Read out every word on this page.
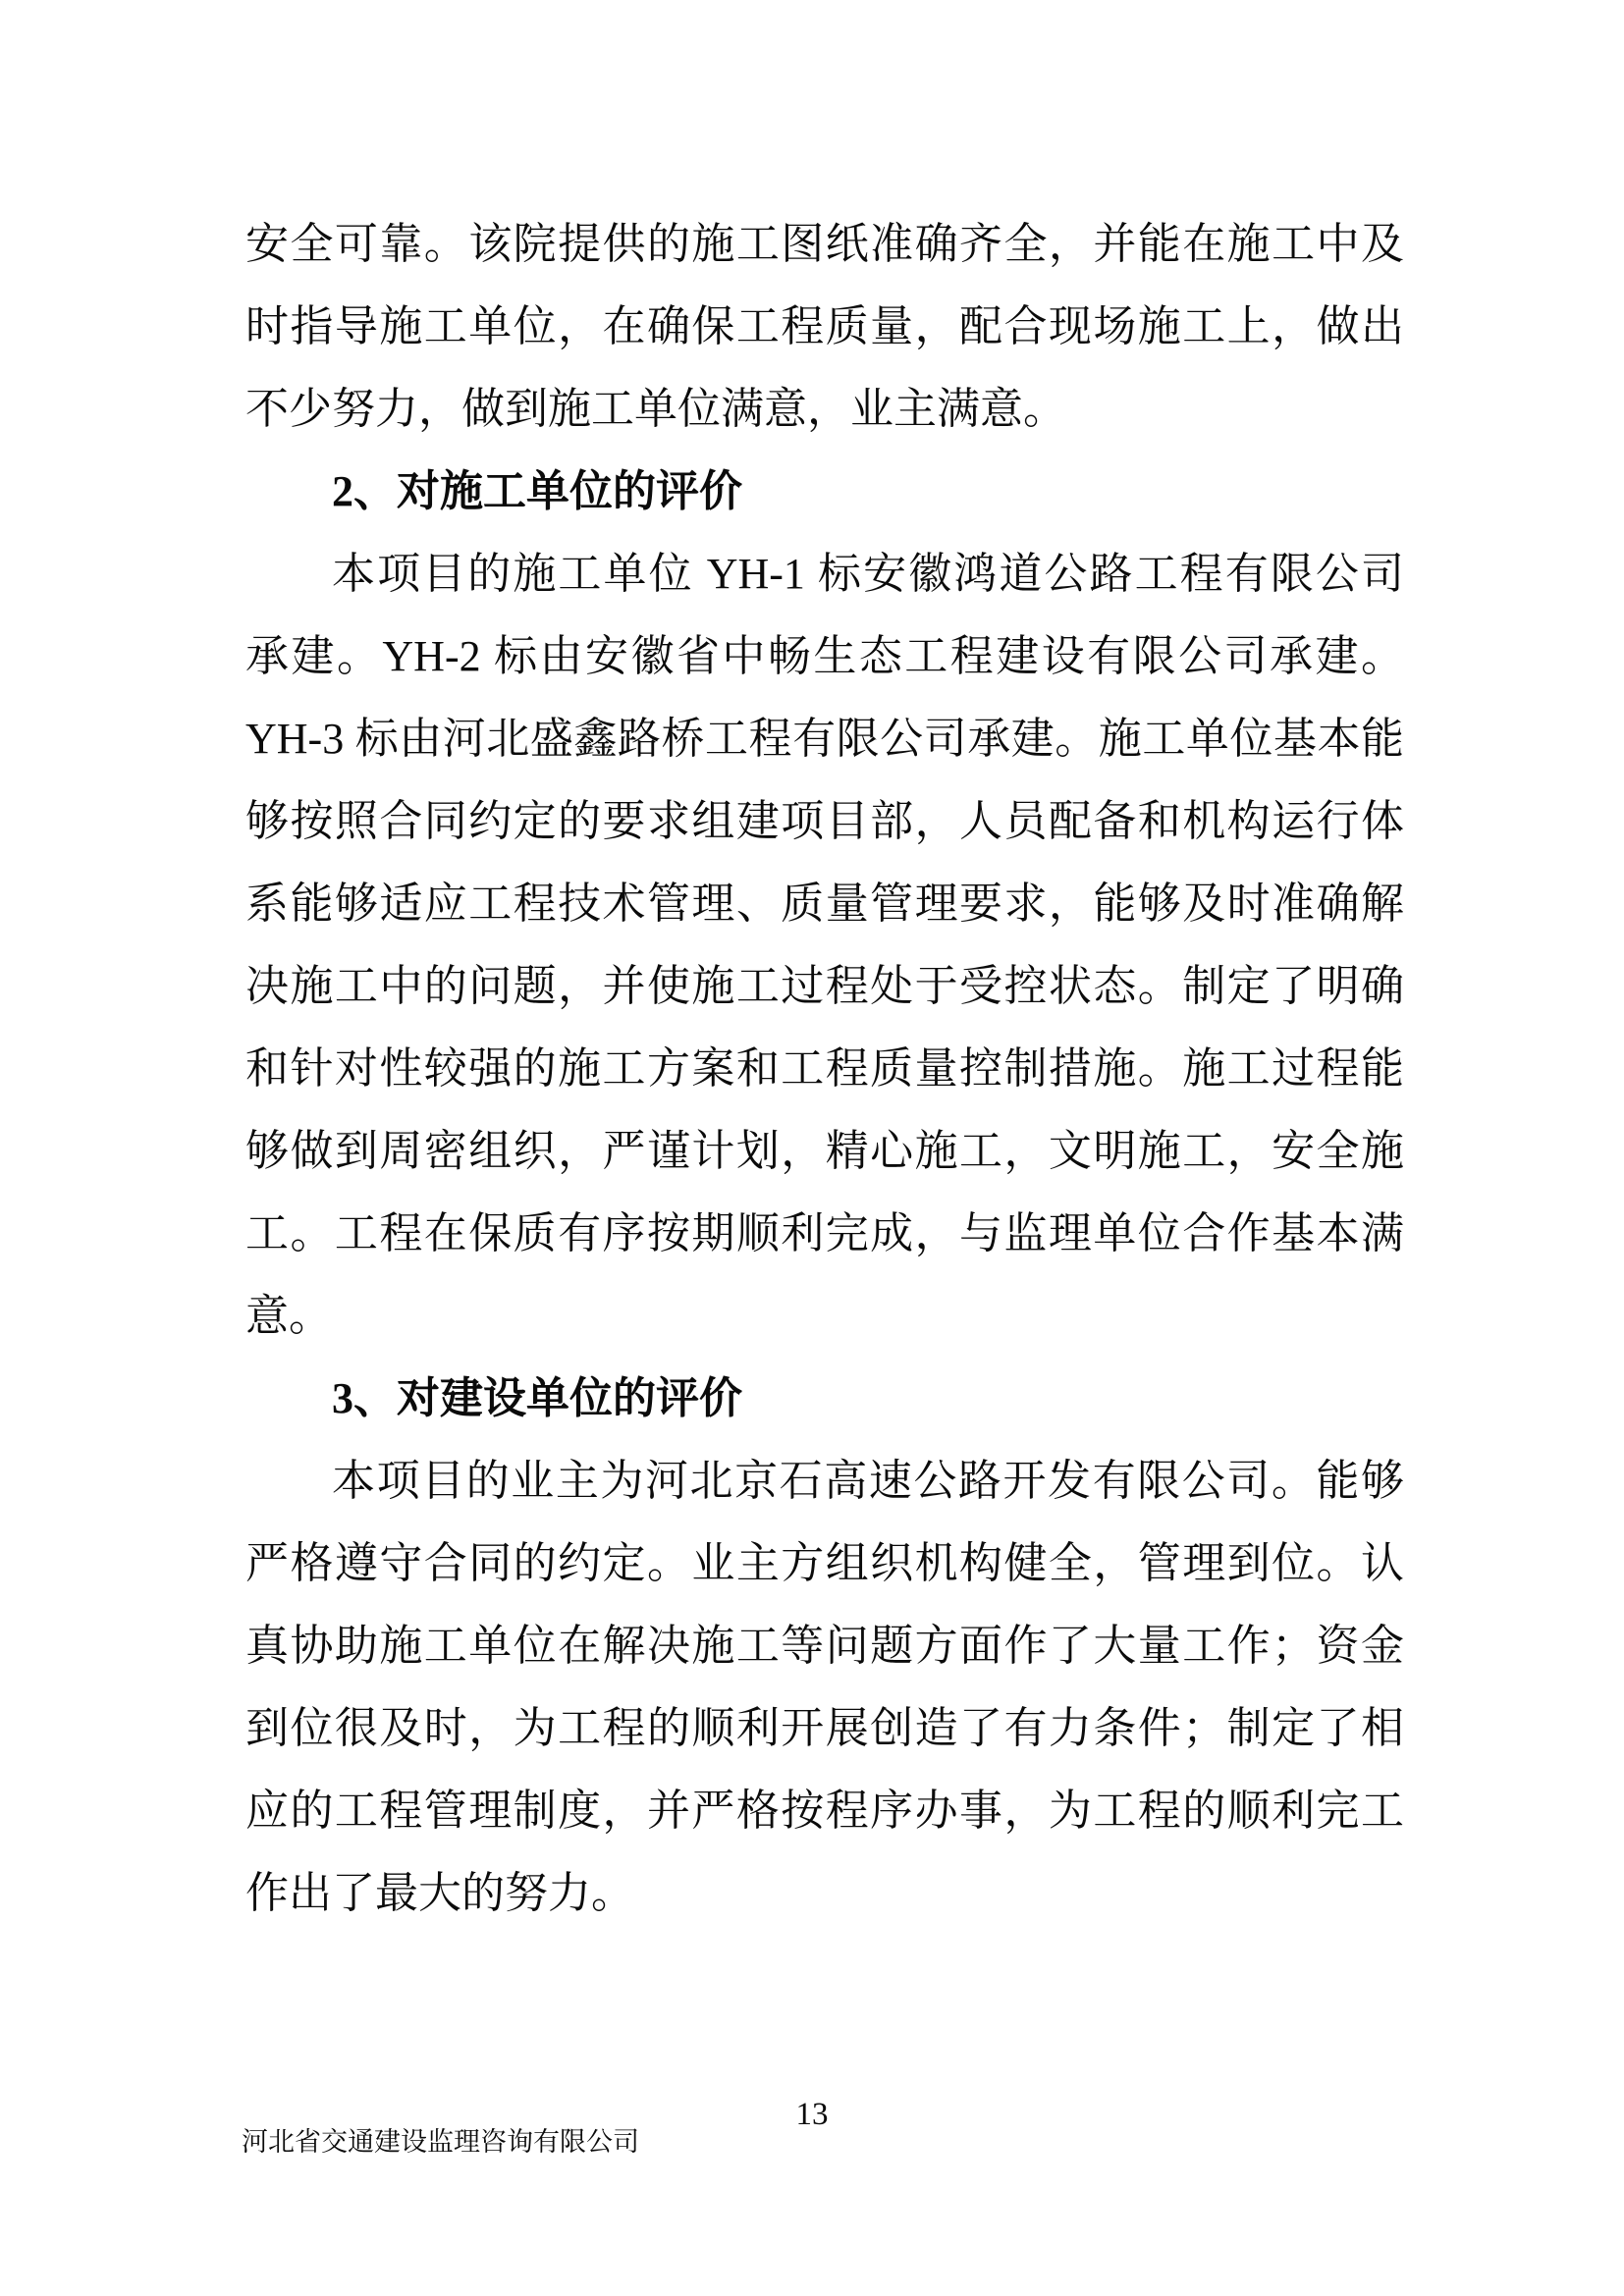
安全可靠。该院提供的施工图纸准确齐全，并能在施工中及
时指导施工单位，在确保工程质量，配合现场施工上，做出
不少努力，做到施工单位满意，业主满意。
2、对施工单位的评价
本项目的施工单位 YH-1 标安徽鸿道公路工程有限公司
承建。YH-2 标由安徽省中畅生态工程建设有限公司承建。
YH-3 标由河北盛鑫路桥工程有限公司承建。施工单位基本能
够按照合同约定的要求组建项目部，人员配备和机构运行体
系能够适应工程技术管理、质量管理要求，能够及时准确解
决施工中的问题，并使施工过程处于受控状态。制定了明确
和针对性较强的施工方案和工程质量控制措施。施工过程能
够做到周密组织，严谨计划，精心施工，文明施工，安全施
工。工程在保质有序按期顺利完成，与监理单位合作基本满
意。
3、对建设单位的评价
本项目的业主为河北京石高速公路开发有限公司。能够
严格遵守合同的约定。业主方组织机构健全，管理到位。认
真协助施工单位在解决施工等问题方面作了大量工作；资金
到位很及时，为工程的顺利开展创造了有力条件；制定了相
应的工程管理制度，并严格按程序办事，为工程的顺利完工
作出了最大的努力。
13
河北省交通建设监理咨询有限公司
